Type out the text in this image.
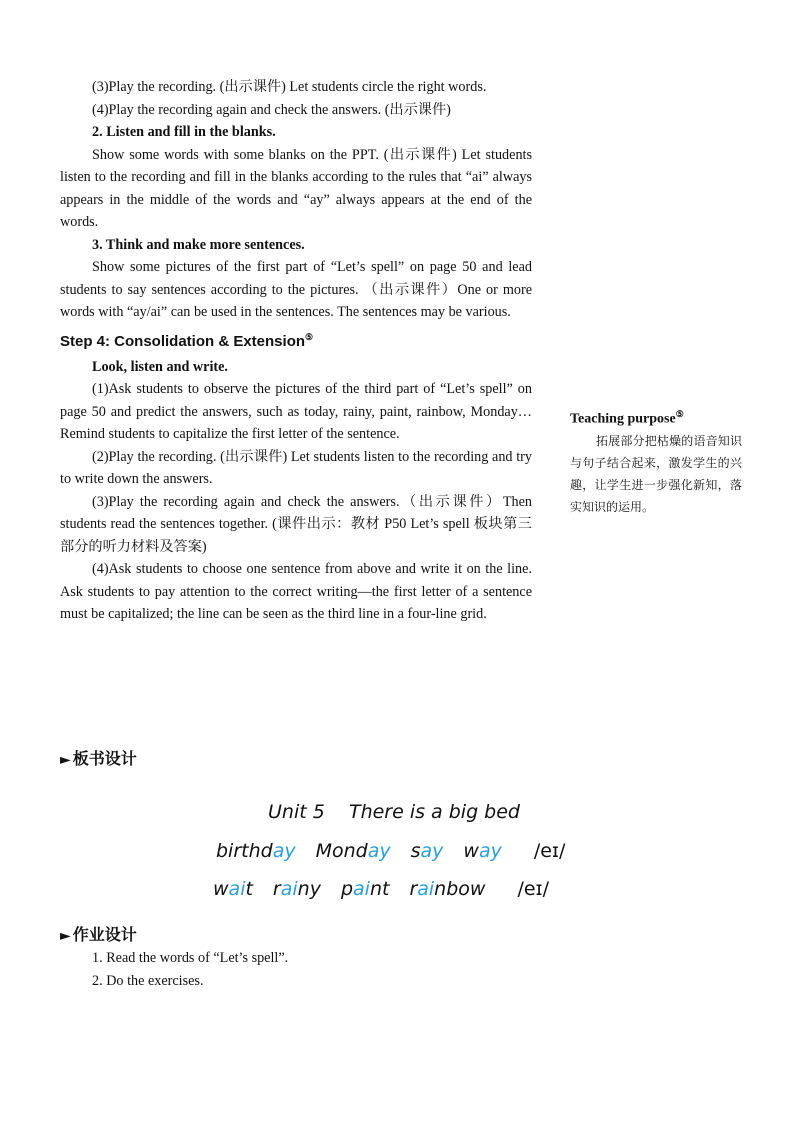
(3)Play the recording. (出示课件) Let students circle the right words.

(4)Play the recording again and check the answers. (出示课件)

2. Listen and fill in the blanks.

Show some words with some blanks on the PPT. (出示课件) Let students listen to the recording and fill in the blanks according to the rules that “ai” always appears in the middle of the words and “ay” always appears at the end of the words.

3. Think and make more sentences.

Show some pictures of the first part of “Let’s spell” on page 50 and lead students to say sentences according to the pictures. （出示课件）One or more words with “ay/ai” can be used in the sentences. The sentences may be various.

Step 4: Consolidation & Extension⑤

Look, listen and write.

(1)Ask students to observe the pictures of the third part of “Let’s spell” on page 50 and predict the answers, such as today, rainy, paint, rainbow, Monday… Remind students to capitalize the first letter of the sentence.

(2)Play the recording. (出示课件) Let students listen to the recording and try to write down the answers.

(3)Play the recording again and check the answers.（出示课件）Then students read the sentences together. (课件出示：教材 P50 Let’s spell 板块第三部分的听力材料及答案)

(4)Ask students to choose one sentence from above and write it on the line. Ask students to pay attention to the correct writing—the first letter of a sentence must be capitalized; the line can be seen as the third line in a four-line grid.

Teaching purpose⑤
拓展部分把枯燥的语音知识与句子结合起来，激发学生的兴趣，让学生进一步强化新知，落实知识的运用。
► 板书设计
Unit 5    There is a big bed
birthday Monday say way /eɪ/
wait rainy paint rainbow /eɪ/
► 作业设计
1. Read the words of “Let’s spell”.
2. Do the exercises.
